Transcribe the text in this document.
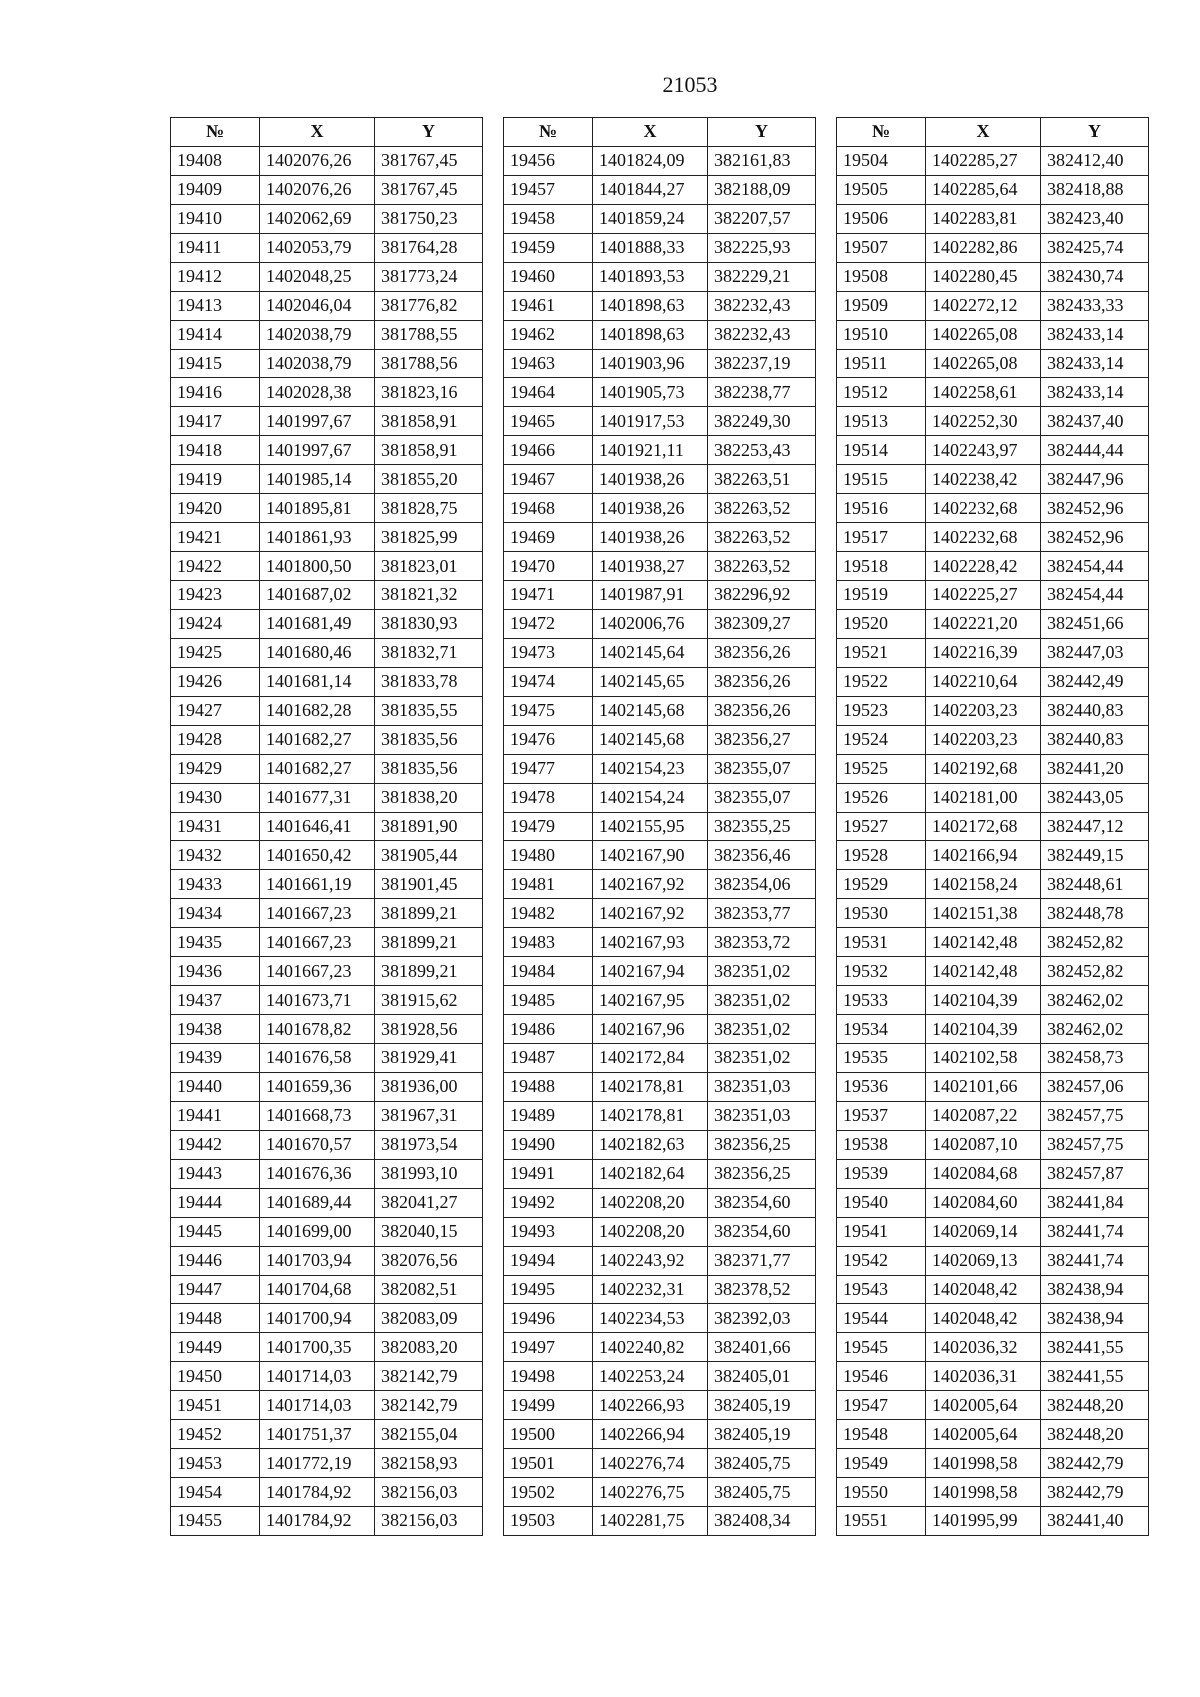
21053
№	X	Y
19408	1402076,26	381767,45
19409	1402076,26	381767,45
19410	1402062,69	381750,23
19411	1402053,79	381764,28
19412	1402048,25	381773,24
19413	1402046,04	381776,82
19414	1402038,79	381788,55
19415	1402038,79	381788,56
19416	1402028,38	381823,16
19417	1401997,67	381858,91
19418	1401997,67	381858,91
19419	1401985,14	381855,20
19420	1401895,81	381828,75
19421	1401861,93	381825,99
19422	1401800,50	381823,01
19423	1401687,02	381821,32
19424	1401681,49	381830,93
19425	1401680,46	381832,71
19426	1401681,14	381833,78
19427	1401682,28	381835,55
19428	1401682,27	381835,56
19429	1401682,27	381835,56
19430	1401677,31	381838,20
19431	1401646,41	381891,90
19432	1401650,42	381905,44
19433	1401661,19	381901,45
19434	1401667,23	381899,21
19435	1401667,23	381899,21
19436	1401667,23	381899,21
19437	1401673,71	381915,62
19438	1401678,82	381928,56
19439	1401676,58	381929,41
19440	1401659,36	381936,00
19441	1401668,73	381967,31
19442	1401670,57	381973,54
19443	1401676,36	381993,10
19444	1401689,44	382041,27
19445	1401699,00	382040,15
19446	1401703,94	382076,56
19447	1401704,68	382082,51
19448	1401700,94	382083,09
19449	1401700,35	382083,20
19450	1401714,03	382142,79
19451	1401714,03	382142,79
19452	1401751,37	382155,04
19453	1401772,19	382158,93
19454	1401784,92	382156,03
19455	1401784,92	382156,03
№	X	Y
19456	1401824,09	382161,83
19457	1401844,27	382188,09
19458	1401859,24	382207,57
19459	1401888,33	382225,93
19460	1401893,53	382229,21
19461	1401898,63	382232,43
19462	1401898,63	382232,43
19463	1401903,96	382237,19
19464	1401905,73	382238,77
19465	1401917,53	382249,30
19466	1401921,11	382253,43
19467	1401938,26	382263,51
19468	1401938,26	382263,52
19469	1401938,26	382263,52
19470	1401938,27	382263,52
19471	1401987,91	382296,92
19472	1402006,76	382309,27
19473	1402145,64	382356,26
19474	1402145,65	382356,26
19475	1402145,68	382356,26
19476	1402145,68	382356,27
19477	1402154,23	382355,07
19478	1402154,24	382355,07
19479	1402155,95	382355,25
19480	1402167,90	382356,46
19481	1402167,92	382354,06
19482	1402167,92	382353,77
19483	1402167,93	382353,72
19484	1402167,94	382351,02
19485	1402167,95	382351,02
19486	1402167,96	382351,02
19487	1402172,84	382351,02
19488	1402178,81	382351,03
19489	1402178,81	382351,03
19490	1402182,63	382356,25
19491	1402182,64	382356,25
19492	1402208,20	382354,60
19493	1402208,20	382354,60
19494	1402243,92	382371,77
19495	1402232,31	382378,52
19496	1402234,53	382392,03
19497	1402240,82	382401,66
19498	1402253,24	382405,01
19499	1402266,93	382405,19
19500	1402266,94	382405,19
19501	1402276,74	382405,75
19502	1402276,75	382405,75
19503	1402281,75	382408,34
№	X	Y
19504	1402285,27	382412,40
19505	1402285,64	382418,88
19506	1402283,81	382423,40
19507	1402282,86	382425,74
19508	1402280,45	382430,74
19509	1402272,12	382433,33
19510	1402265,08	382433,14
19511	1402265,08	382433,14
19512	1402258,61	382433,14
19513	1402252,30	382437,40
19514	1402243,97	382444,44
19515	1402238,42	382447,96
19516	1402232,68	382452,96
19517	1402232,68	382452,96
19518	1402228,42	382454,44
19519	1402225,27	382454,44
19520	1402221,20	382451,66
19521	1402216,39	382447,03
19522	1402210,64	382442,49
19523	1402203,23	382440,83
19524	1402203,23	382440,83
19525	1402192,68	382441,20
19526	1402181,00	382443,05
19527	1402172,68	382447,12
19528	1402166,94	382449,15
19529	1402158,24	382448,61
19530	1402151,38	382448,78
19531	1402142,48	382452,82
19532	1402142,48	382452,82
19533	1402104,39	382462,02
19534	1402104,39	382462,02
19535	1402102,58	382458,73
19536	1402101,66	382457,06
19537	1402087,22	382457,75
19538	1402087,10	382457,75
19539	1402084,68	382457,87
19540	1402084,60	382441,84
19541	1402069,14	382441,74
19542	1402069,13	382441,74
19543	1402048,42	382438,94
19544	1402048,42	382438,94
19545	1402036,32	382441,55
19546	1402036,31	382441,55
19547	1402005,64	382448,20
19548	1402005,64	382448,20
19549	1401998,58	382442,79
19550	1401998,58	382442,79
19551	1401995,99	382441,40
